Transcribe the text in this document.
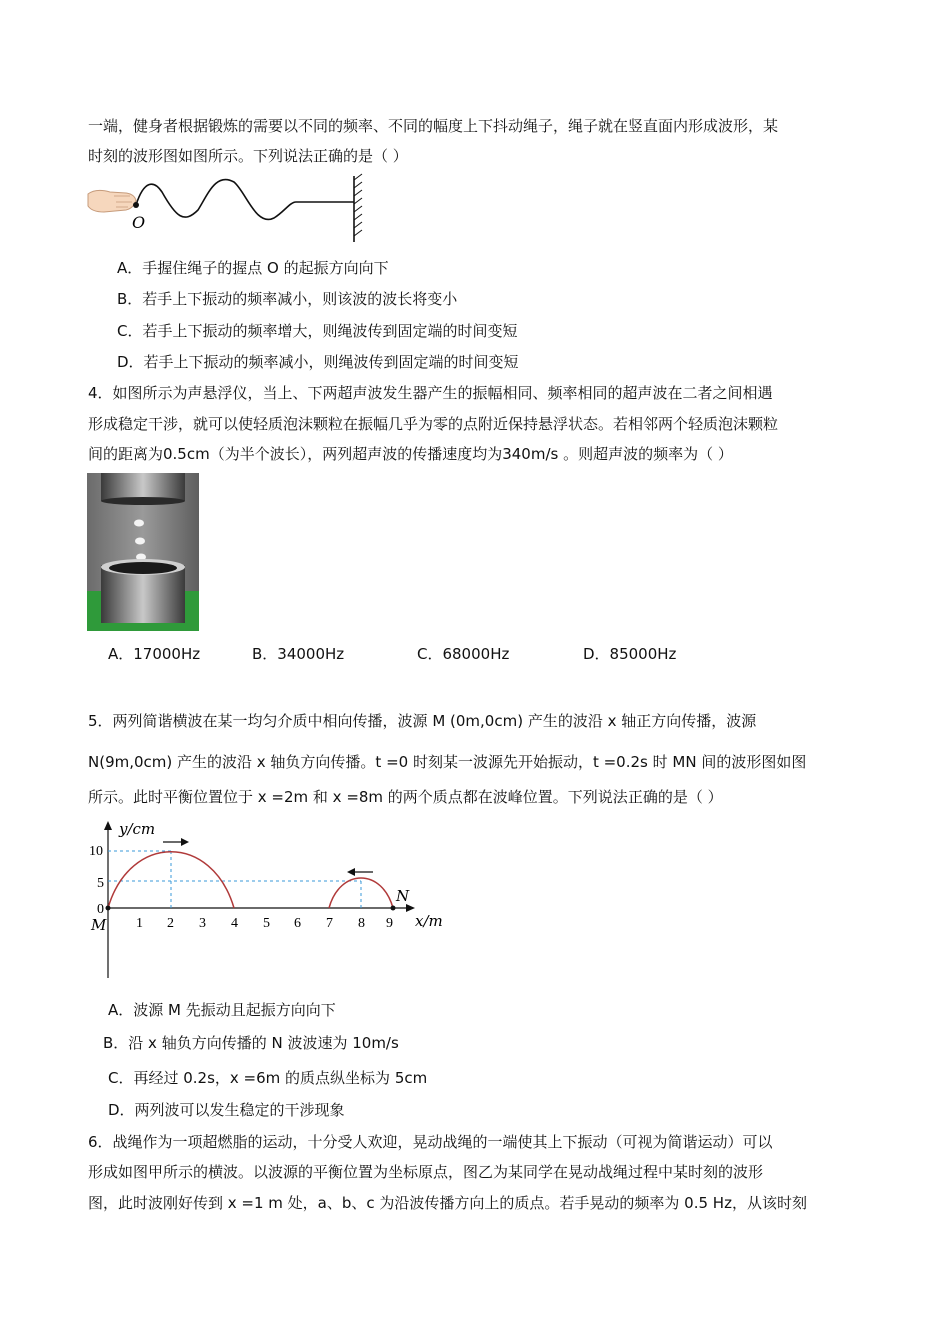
一端，健身者根据锻炼的需要以不同的频率、不同的幅度上下抖动绳子，绳子就在竖直面内形成波形，某
时刻的波形图如图所示。下列说法正确的是（ ）
O
A．手握住绳子的握点 O 的起振方向向下
B．若手上下振动的频率减小，则该波的波长将变小
C．若手上下振动的频率增大，则绳波传到固定端的时间变短
D．若手上下振动的频率减小，则绳波传到固定端的时间变短
4．如图所示为声悬浮仪，当上、下两超声波发生器产生的振幅相同、频率相同的超声波在二者之间相遇
形成稳定干涉，就可以使轻质泡沫颗粒在振幅几乎为零的点附近保持悬浮状态。若相邻两个轻质泡沫颗粒
间的距离为0.5cm（为半个波长），两列超声波的传播速度均为340m/s 。则超声波的频率为（ ）
A．17000Hz	B．34000Hz	C．68000Hz	D．85000Hz
5．两列简谐横波在某一均匀介质中相向传播，波源 M (0m,0cm) 产生的波沿 x 轴正方向传播，波源
N(9m,0cm) 产生的波沿 x 轴负方向传播。t =0 时刻某一波源先开始振动，t =0.2s 时 MN 间的波形图如图
所示。此时平衡位置位于 x =2m 和 x =8m 的两个质点都在波峰位置。下列说法正确的是（ ）
y/cm
x/m
10
5
0
1 2 3 4 5 6 7 8 9
M
N
A．波源 M 先振动且起振方向向下
B．沿 x 轴负方向传播的 N 波波速为 10m/s
C．再经过 0.2s，x =6m 的质点纵坐标为 5cm
D．两列波可以发生稳定的干涉现象
6．战绳作为一项超燃脂的运动，十分受人欢迎，晃动战绳的一端使其上下振动（可视为简谐运动）可以
形成如图甲所示的横波。以波源的平衡位置为坐标原点，图乙为某同学在晃动战绳过程中某时刻的波形
图，此时波刚好传到 x =1 m 处，a、b、c 为沿波传播方向上的质点。若手晃动的频率为 0.5 Hz，从该时刻
